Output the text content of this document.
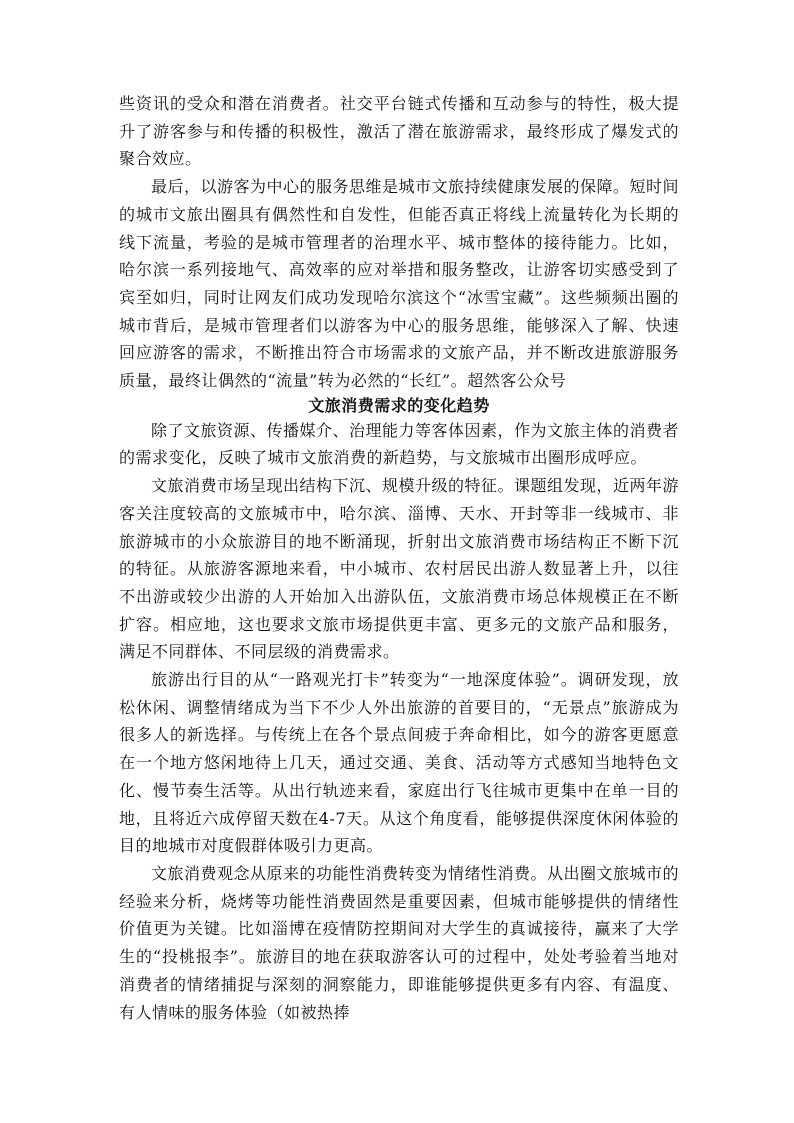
些资讯的受众和潜在消费者。社交平台链式传播和互动参与的特性，极大提升了游客参与和传播的积极性，激活了潜在旅游需求，最终形成了爆发式的聚合效应。

最后，以游客为中心的服务思维是城市文旅持续健康发展的保障。短时间的城市文旅出圈具有偶然性和自发性，但能否真正将线上流量转化为长期的线下流量，考验的是城市管理者的治理水平、城市整体的接待能力。比如，哈尔滨一系列接地气、高效率的应对举措和服务整改，让游客切实感受到了宾至如归，同时让网友们成功发现哈尔滨这个“冰雪宝藏”。这些频频出圈的城市背后，是城市管理者们以游客为中心的服务思维，能够深入了解、快速回应游客的需求，不断推出符合市场需求的文旅产品，并不断改进旅游服务质量，最终让偶然的“流量”转为必然的“长红”。超然客公众号

文旅消费需求的变化趋势

除了文旅资源、传播媒介、治理能力等客体因素，作为文旅主体的消费者的需求变化，反映了城市文旅消费的新趋势，与文旅城市出圈形成呼应。

文旅消费市场呈现出结构下沉、规模升级的特征。课题组发现，近两年游客关注度较高的文旅城市中，哈尔滨、淄博、天水、开封等非一线城市、非旅游城市的小众旅游目的地不断涌现，折射出文旅消费市场结构正不断下沉的特征。从旅游客源地来看，中小城市、农村居民出游人数显著上升，以往不出游或较少出游的人开始加入出游队伍，文旅消费市场总体规模正在不断扩容。相应地，这也要求文旅市场提供更丰富、更多元的文旅产品和服务，满足不同群体、不同层级的消费需求。

旅游出行目的从“一路观光打卡”转变为“一地深度体验”。调研发现，放松休闲、调整情绪成为当下不少人外出旅游的首要目的，“无景点”旅游成为很多人的新选择。与传统上在各个景点间疲于奔命相比，如今的游客更愿意在一个地方悠闲地待上几天，通过交通、美食、活动等方式感知当地特色文化、慢节奏生活等。从出行轨迹来看，家庭出行飞往城市更集中在单一目的地，且将近六成停留天数在4-7天。从这个角度看，能够提供深度休闲体验的目的地城市对度假群体吸引力更高。

文旅消费观念从原来的功能性消费转变为情绪性消费。从出圈文旅城市的经验来分析，烧烤等功能性消费固然是重要因素，但城市能够提供的情绪性价值更为关键。比如淄博在疫情防控期间对大学生的真诚接待，赢来了大学生的“投桃报李”。旅游目的地在获取游客认可的过程中，处处考验着当地对消费者的情绪捕捉与深刻的洞察能力，即谁能够提供更多有内容、有温度、有人情味的服务体验（如被热捧
